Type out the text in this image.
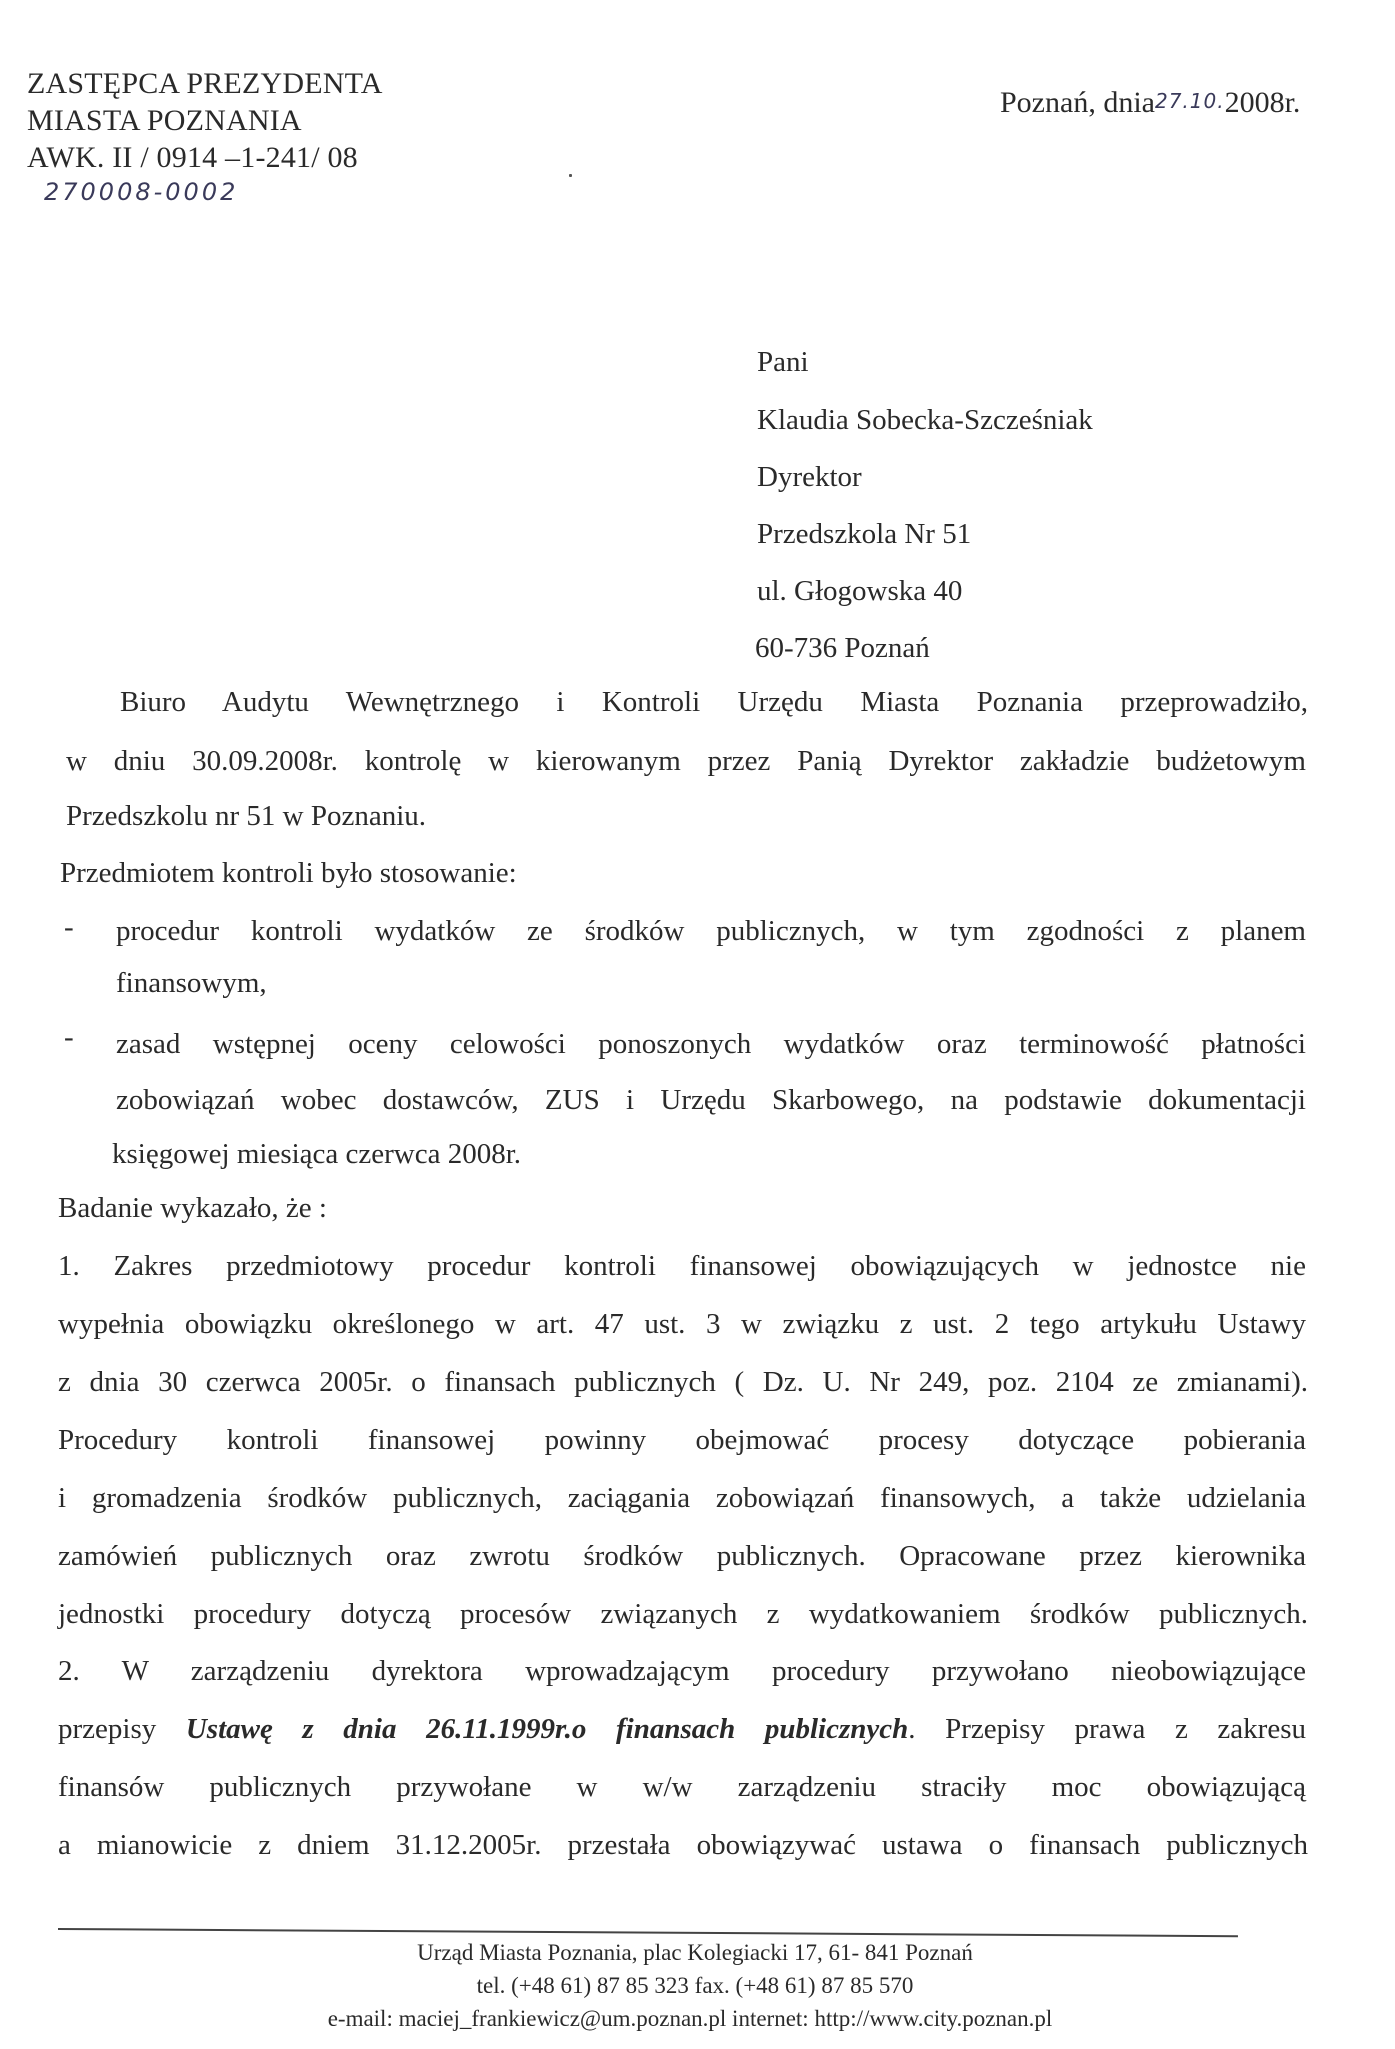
ZASTĘPCA PREZYDENTA
MIASTA POZNANIA
AWK. II / 0914 –1-241/ 08
270008-0002
Poznań, dnia27.10.2008r.
Pani
Klaudia Sobecka-Szcześniak
Dyrektor
Przedszkola Nr 51
ul. Głogowska 40
60-736 Poznań
Biuro Audytu Wewnętrznego i Kontroli Urzędu Miasta Poznania przeprowadziło,
w dniu 30.09.2008r. kontrolę w kierowanym przez Panią Dyrektor zakładzie budżetowym
Przedszkolu nr 51 w Poznaniu.
Przedmiotem kontroli było stosowanie:
- procedur kontroli wydatków ze środków publicznych, w tym zgodności z planem
finansowym,
- zasad wstępnej oceny celowości ponoszonych wydatków oraz terminowość płatności
zobowiązań wobec dostawców, ZUS i Urzędu Skarbowego, na podstawie dokumentacji
księgowej miesiąca czerwca 2008r.
Badanie wykazało, że :
1. Zakres przedmiotowy procedur kontroli finansowej obowiązujących w jednostce nie
wypełnia obowiązku określonego w art. 47 ust. 3 w związku z ust. 2 tego artykułu Ustawy
z dnia 30 czerwca 2005r. o finansach publicznych ( Dz. U. Nr 249, poz. 2104 ze zmianami).
Procedury kontroli finansowej powinny obejmować procesy dotyczące pobierania
i gromadzenia środków publicznych, zaciągania zobowiązań finansowych, a także udzielania
zamówień publicznych oraz zwrotu środków publicznych. Opracowane przez kierownika
jednostki procedury dotyczą procesów związanych z wydatkowaniem środków publicznych.
2. W zarządzeniu dyrektora wprowadzającym procedury przywołano nieobowiązujące
przepisy Ustawę z dnia 26.11.1999r.o finansach publicznych. Przepisy prawa z zakresu
finansów publicznych przywołane w w/w zarządzeniu straciły moc obowiązującą
a mianowicie z dniem 31.12.2005r. przestała obowiązywać ustawa o finansach publicznych
Urząd Miasta Poznania, plac Kolegiacki 17, 61- 841 Poznań
tel. (+48 61) 87 85 323 fax. (+48 61) 87 85 570
e-mail: maciej_frankiewicz@um.poznan.pl internet: http://www.city.poznan.pl
